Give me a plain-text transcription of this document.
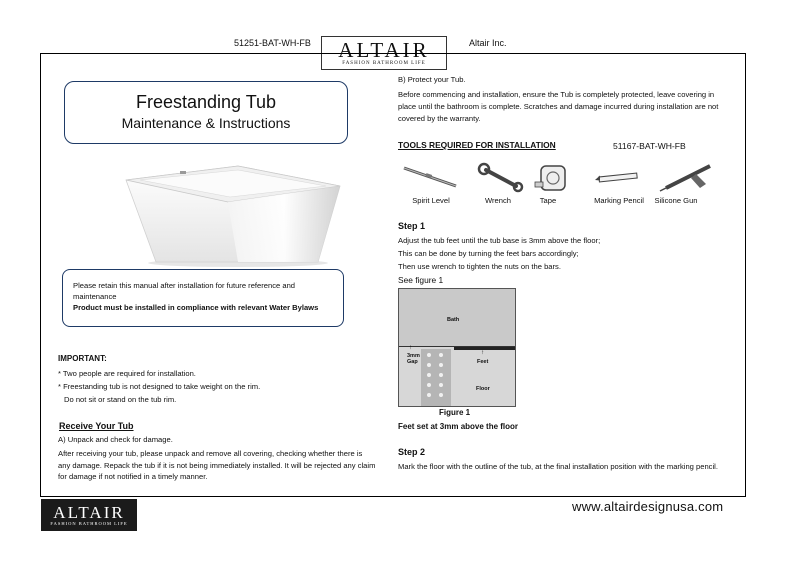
51251-BAT-WH-FB	ALTAIR
FASHION BATHROOM LIFE
Altair Inc.
Freestanding Tub
Maintenance & Instructions
Please retain this manual after installation for future reference and maintenance
Product must be installed in compliance with relevant Water Bylaws
IMPORTANT:
* Two people are required for installation.
* Freestanding tub is not designed to take weight on the rim.
Do not sit or stand on the tub rim.
Receive Your Tub
A) Unpack and check for damage.
After receiving your tub, please unpack and remove all covering, checking whether there is any damage. Repack the tub if it is not being immediately installed. It will be rejected any claim for damage if not notified in a timely manner.
B) Protect your Tub.
Before commencing and installation, ensure the Tub is completely protected, leave covering in place until the bathroom is complete. Scratches and damage incurred during installation are not covered by the warranty.
TOOLS REQUIRED FOR INSTALLATION	51167-BAT-WH-FB
Spirit Level	Wrench	Tape	Marking Pencil	Silicone Gun
Step 1
Adjust the tub feet until the tub base is 3mm above the floor;
This can be done by turning the feet bars accordingly;
Then use wrench to tighten the nuts on the bars.
See figure 1
Bath
3mm
Gap	Feet
Floor
↑
↑
Figure 1
Feet set at 3mm above the floor
Step 2
Mark the floor with the outline of the tub, at the final installation position with the marking pencil.
ALTAIR
FASHION BATHROOM LIFE
www.altairdesignusa.com
